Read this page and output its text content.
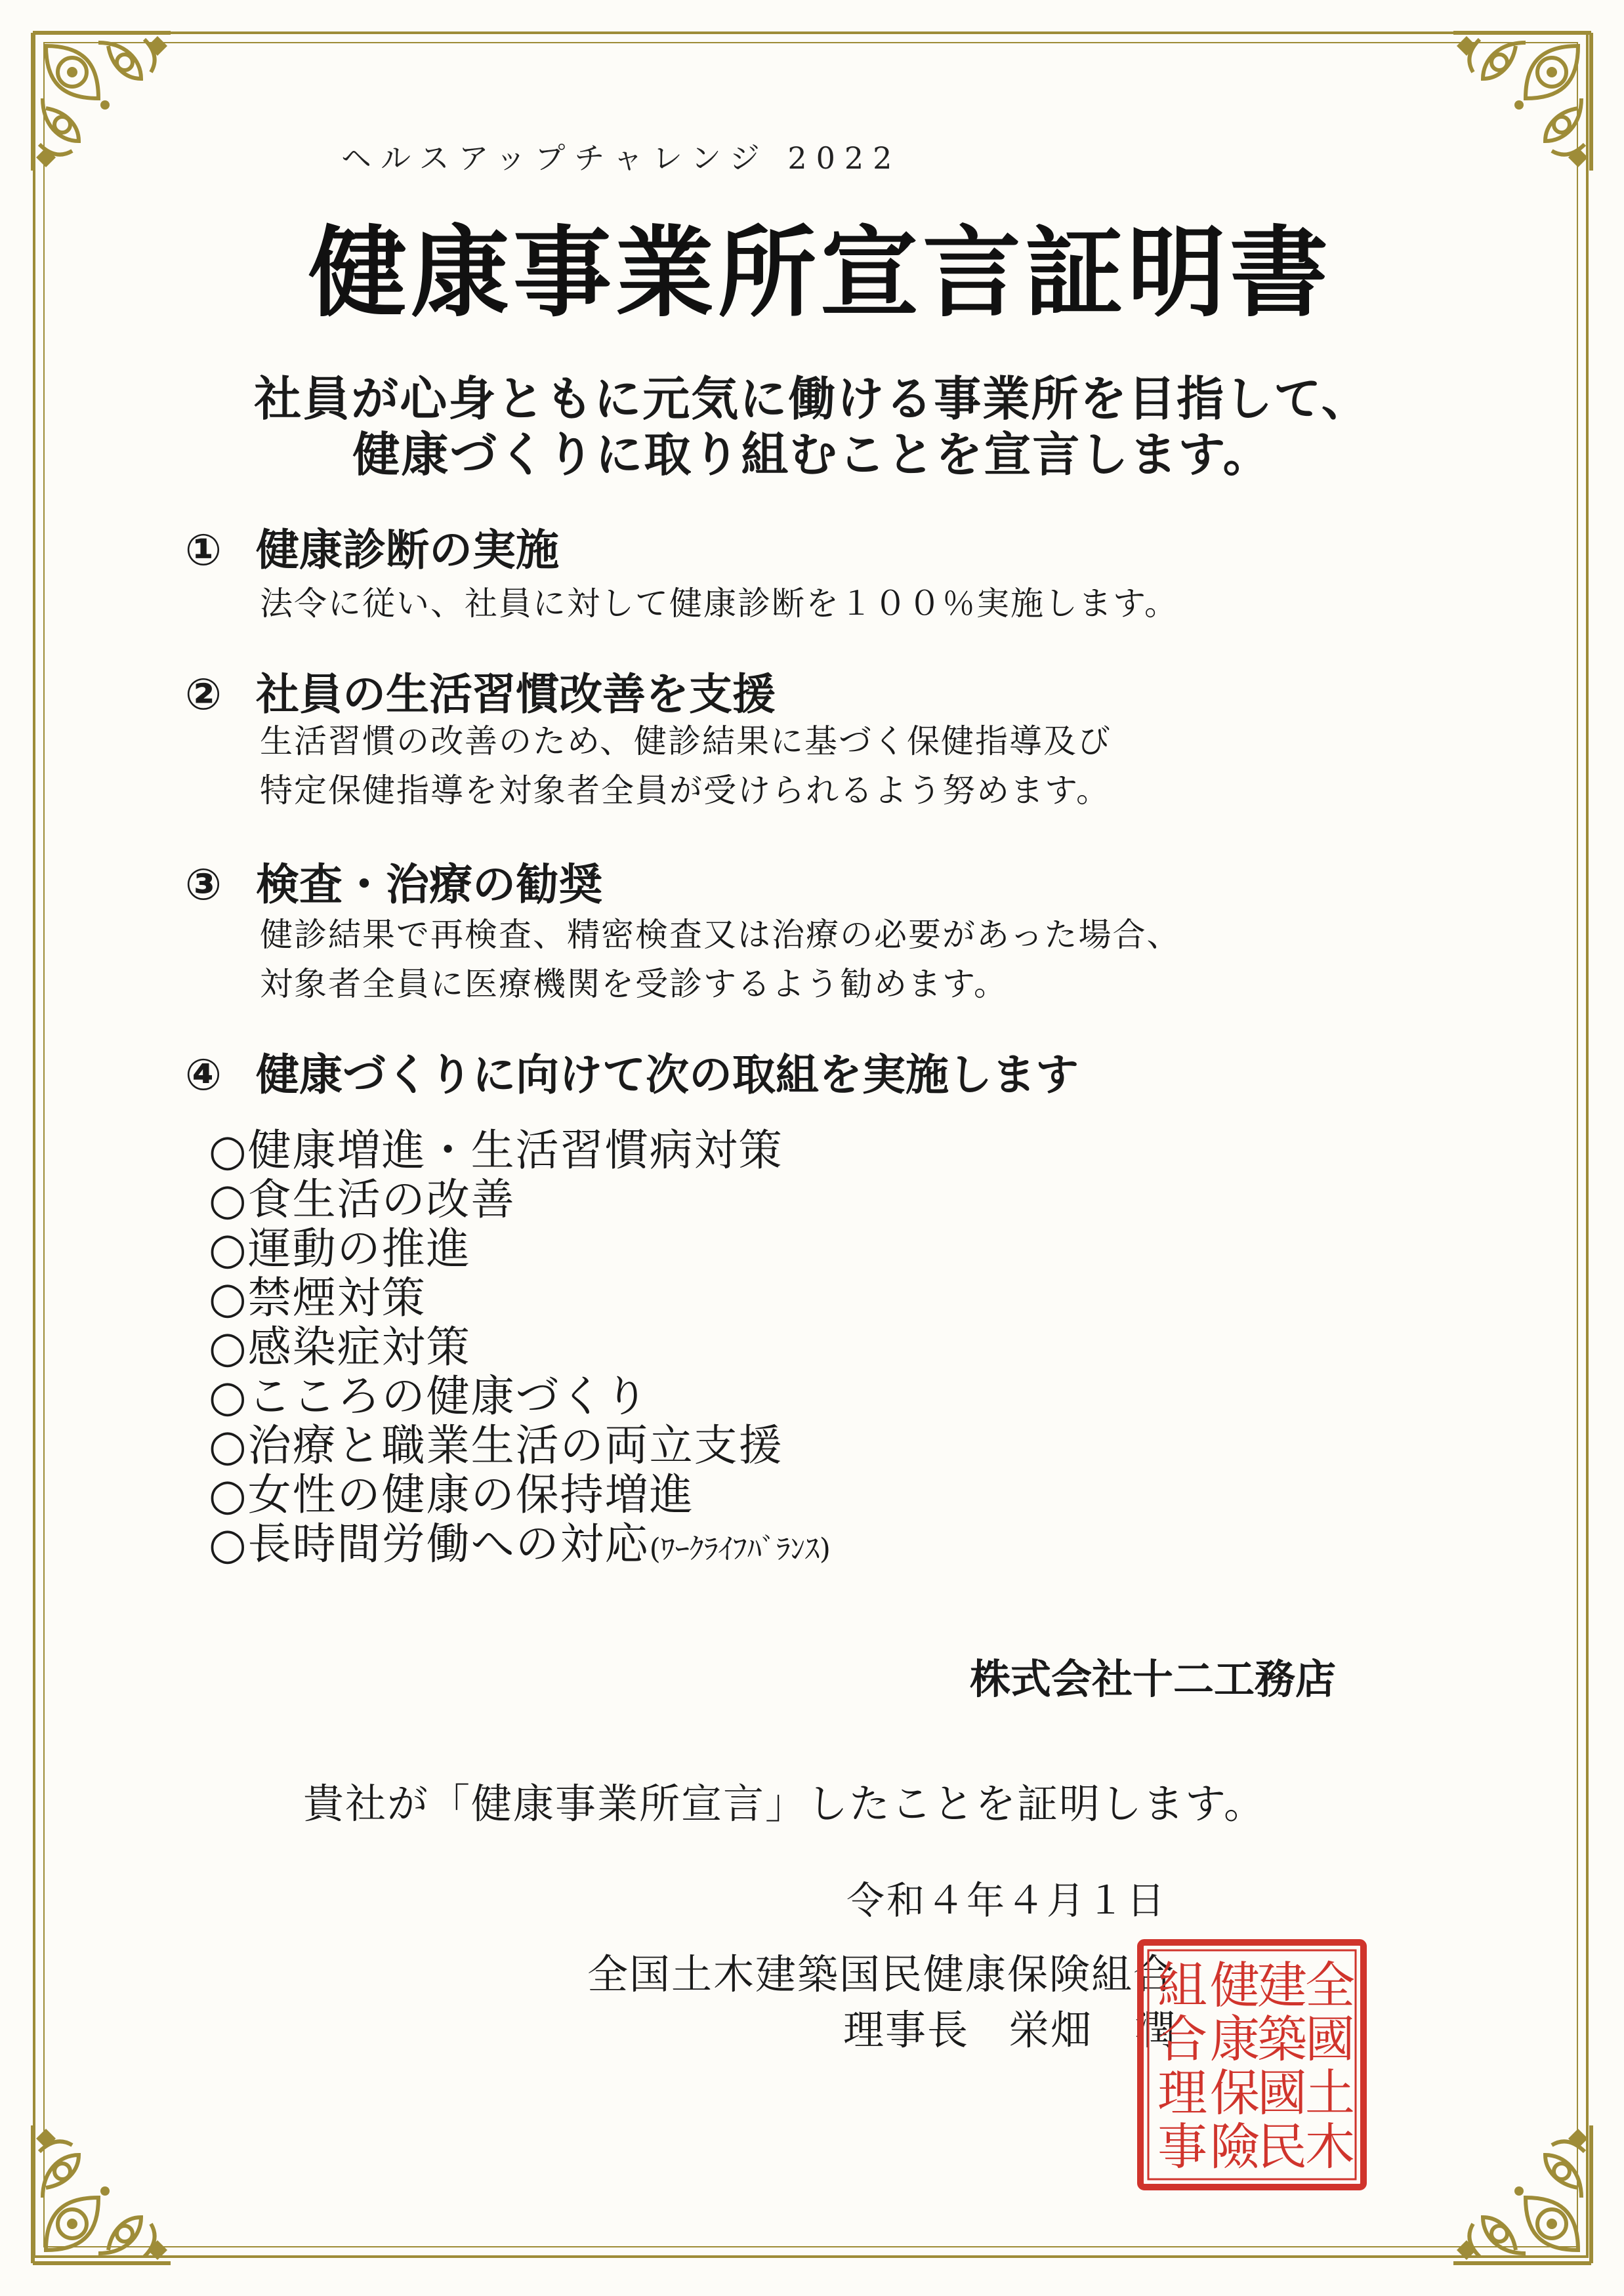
ヘルスアップチャレンジ 2022
健康事業所宣言証明書
社員が心身ともに元気に働ける事業所を目指して、
健康づくりに取り組むことを宣言します。
① 健康診断の実施
法令に従い、社員に対して健康診断を１００％実施します。
② 社員の生活習慣改善を支援
生活習慣の改善のため、健診結果に基づく保健指導及び
特定保健指導を対象者全員が受けられるよう努めます。
③ 検査・治療の勧奨
健診結果で再検査、精密検査又は治療の必要があった場合、
対象者全員に医療機関を受診するよう勧めます。
④ 健康づくりに向けて次の取組を実施します
○健康増進・生活習慣病対策
○食生活の改善
○運動の推進
○禁煙対策
○感染症対策
○こころの健康づくり
○治療と職業生活の両立支援
○女性の健康の保持増進
○長時間労働への対応(ﾜｰｸﾗｲﾌﾊﾞﾗﾝｽ)
株式会社十二工務店
貴社が「健康事業所宣言」したことを証明します。
令和４年４月１日
全国土木建築国民健康保険組合
理事長 栄畑　潤
全
國
土
木
建
築
國
民
健
康
保
險
組
合
理
事
